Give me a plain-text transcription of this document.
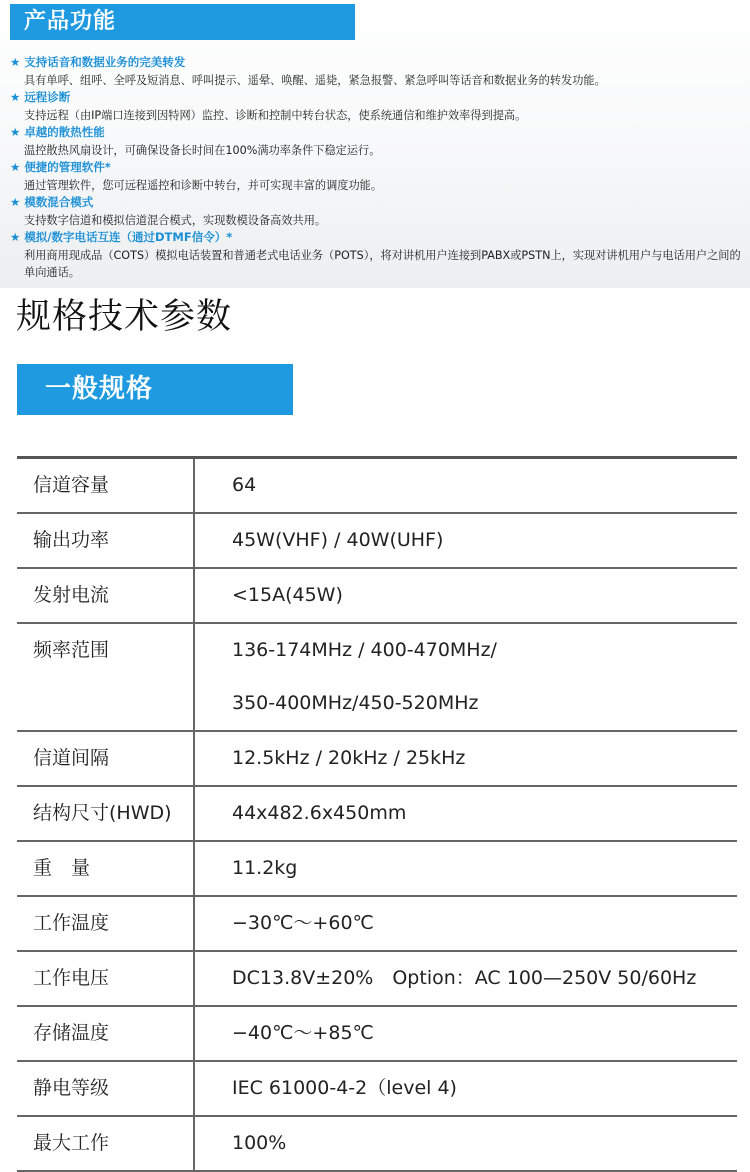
产品功能
★ 支持话音和数据业务的完美转发
具有单呼、组呼、全呼及短消息、呼叫提示、遥晕、唤醒、遥毙，紧急报警、紧急呼叫等话音和数据业务的转发功能。
★ 远程诊断
支持远程（由IP端口连接到因特网）监控、诊断和控制中转台状态，使系统通信和维护效率得到提高。
★ 卓越的散热性能
温控散热风扇设计，可确保设备长时间在100%满功率条件下稳定运行。
★ 便捷的管理软件*
通过管理软件，您可远程遥控和诊断中转台，并可实现丰富的调度功能。
★ 模数混合模式
支持数字信道和模拟信道混合模式，实现数模设备高效共用。
★ 模拟/数字电话互连（通过DTMF信令）*
利用商用现成品（COTS）模拟电话装置和普通老式电话业务（POTS），将对讲机用户连接到PABX或PSTN上，实现对讲机用户与电话用户之间的单向通话。
规格技术参数
一般规格
信道容量	64

输出功率	45W(VHF) / 40W(UHF)

发射电流	<15A(45W)

频率范围	136-174MHz / 400-470MHz/
350-400MHz/450-520MHz

信道间隔	12.5kHz / 20kHz / 25kHz

结构尺寸(HWD)	44x482.6x450mm

重　量	11.2kg

工作温度	−30℃〜+60℃

工作电压	DC13.8V±20%　Option：AC 100—250V 50/60Hz

存储温度	−40℃〜+85℃

静电等级	IEC 61000-4-2（level 4)

最大工作	100%
